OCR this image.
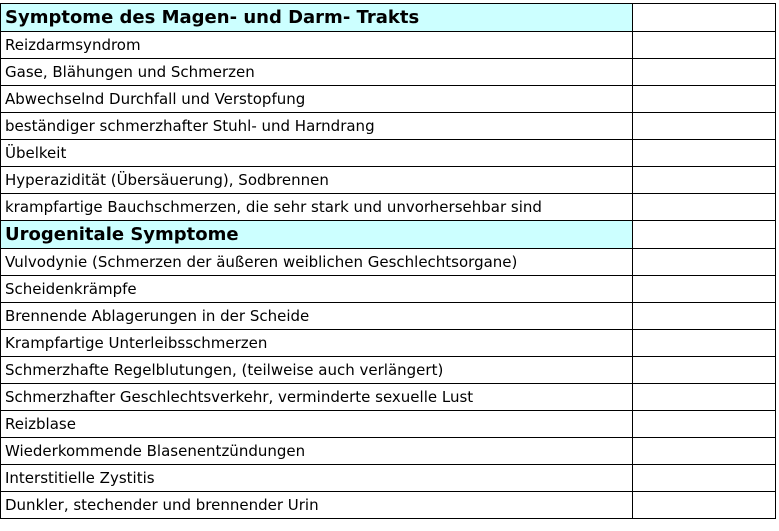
Symptome des Magen- und Darm- Trakts	
Reizdarmsyndrom	
Gase, Blähungen und Schmerzen	
Abwechselnd Durchfall und Verstopfung	
beständiger schmerzhafter Stuhl- und Harndrang	
Übelkeit	
Hyperazidität (Übersäuerung), Sodbrennen	
krampfartige Bauchschmerzen, die sehr stark und unvorhersehbar sind	
Urogenitale Symptome	
Vulvodynie (Schmerzen der äußeren weiblichen Geschlechtsorgane)	
Scheidenkrämpfe	
Brennende Ablagerungen in der Scheide	
Krampfartige Unterleibsschmerzen	
Schmerzhafte Regelblutungen, (teilweise auch verlängert)	
Schmerzhafter Geschlechtsverkehr, verminderte sexuelle Lust	
Reizblase	
Wiederkommende Blasenentzündungen	
Interstitielle Zystitis	
Dunkler, stechender und brennender Urin	
